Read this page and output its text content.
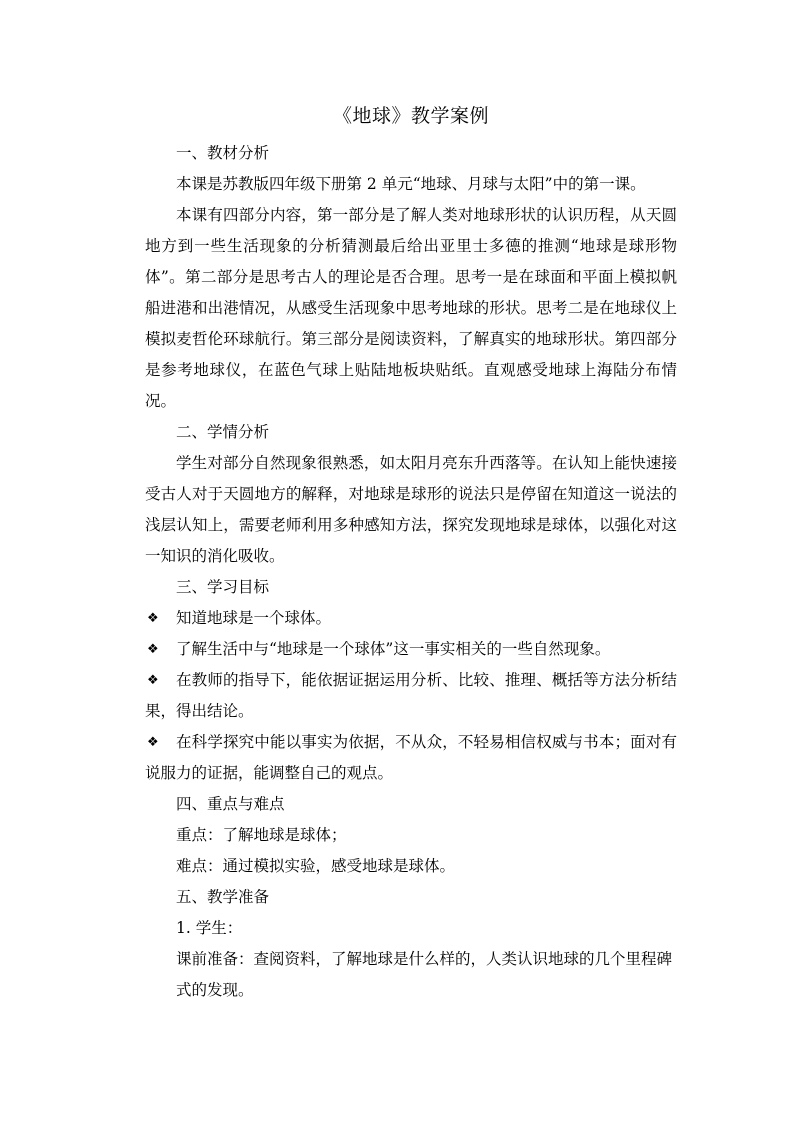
《地球》教学案例

一、教材分析

本课是苏教版四年级下册第 2 单元“地球、月球与太阳”中的第一课。

本课有四部分内容，第一部分是了解人类对地球形状的认识历程，从天圆地方到一些生活现象的分析猜测最后给出亚里士多德的推测“地球是球形物体”。第二部分是思考古人的理论是否合理。思考一是在球面和平面上模拟帆船进港和出港情况，从感受生活现象中思考地球的形状。思考二是在地球仪上模拟麦哲伦环球航行。第三部分是阅读资料，了解真实的地球形状。第四部分是参考地球仪，在蓝色气球上贴陆地板块贴纸。直观感受地球上海陆分布情况。

二、学情分析

学生对部分自然现象很熟悉，如太阳月亮东升西落等。在认知上能快速接受古人对于天圆地方的解释，对地球是球形的说法只是停留在知道这一说法的浅层认知上，需要老师利用多种感知方法，探究发现地球是球体，以强化对这一知识的消化吸收。

三、学习目标

❖ 知道地球是一个球体。
❖ 了解生活中与“地球是一个球体”这一事实相关的一些自然现象。
❖	在教师的指导下，能依据证据运用分析、比较、推理、概括等方法分析结果，得出结论。
❖	在科学探究中能以事实为依据，不从众，不轻易相信权威与书本；面对有说服力的证据，能调整自己的观点。

四、重点与难点

重点：了解地球是球体；

难点：通过模拟实验，感受地球是球体。

五、教学准备

1. 学生：

课前准备：查阅资料，了解地球是什么样的，人类认识地球的几个里程碑式的发现。
